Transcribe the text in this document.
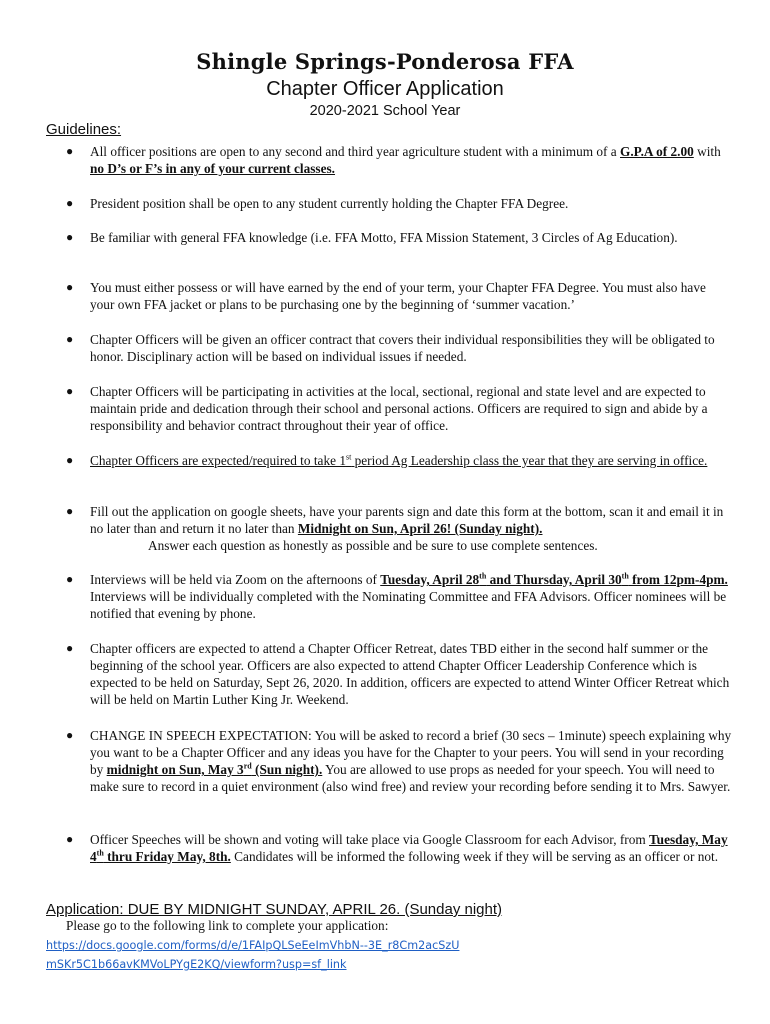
Shingle Springs-Ponderosa FFA
Chapter Officer Application
2020-2021 School Year
Guidelines:
●	All officer positions are open to any second and third year agriculture student with a minimum of a G.P.A of 2.00 with no D’s or F’s in any of your current classes.
●	President position shall be open to any student currently holding the Chapter FFA Degree.
●	Be familiar with general FFA knowledge (i.e. FFA Motto, FFA Mission Statement, 3 Circles of Ag Education).
●	You must either possess or will have earned by the end of your term, your Chapter FFA Degree. You must also have your own FFA jacket or plans to be purchasing one by the beginning of ‘summer vacation.’
●	Chapter Officers will be given an officer contract that covers their individual responsibilities they will be obligated to honor. Disciplinary action will be based on individual issues if needed.
●	Chapter Officers will be participating in activities at the local, sectional, regional and state level and are expected to maintain pride and dedication through their school and personal actions. Officers are required to sign and abide by a responsibility and behavior contract throughout their year of office.
●	Chapter Officers are expected/required to take 1st period Ag Leadership class the year that they are serving in office.
●	Fill out the application on google sheets, have your parents sign and date this form at the bottom, scan it and email it in no later than and return it no later than Midnight on Sun, April 26! (Sunday night).
Answer each question as honestly as possible and be sure to use complete sentences.
●	Interviews will be held via Zoom on the afternoons of Tuesday, April 28th and Thursday, April 30th from 12pm-4pm. Interviews will be individually completed with the Nominating Committee and FFA Advisors. Officer nominees will be notified that evening by phone.
●	Chapter officers are expected to attend a Chapter Officer Retreat, dates TBD either in the second half summer or the beginning of the school year. Officers are also expected to attend Chapter Officer Leadership Conference which is expected to be held on Saturday, Sept 26, 2020. In addition, officers are expected to attend Winter Officer Retreat which will be held on Martin Luther King Jr. Weekend.
●	CHANGE IN SPEECH EXPECTATION: You will be asked to record a brief (30 secs – 1minute) speech explaining why you want to be a Chapter Officer and any ideas you have for the Chapter to your peers. You will send in your recording by midnight on Sun, May 3rd (Sun night). You are allowed to use props as needed for your speech. You will need to make sure to record in a quiet environment (also wind free) and review your recording before sending it to Mrs. Sawyer.
●	Officer Speeches will be shown and voting will take place via Google Classroom for each Advisor, from Tuesday, May 4th thru Friday May, 8th. Candidates will be informed the following week if they will be serving as an officer or not.
Application: DUE BY MIDNIGHT SUNDAY, APRIL 26. (Sunday night)
Please go to the following link to complete your application:
https://docs.google.com/forms/d/e/1FAIpQLSeEeImVhbN--3E_r8Cm2acSzUmSKr5C1b66avKMVoLPYgE2KQ/viewform?usp=sf_link
